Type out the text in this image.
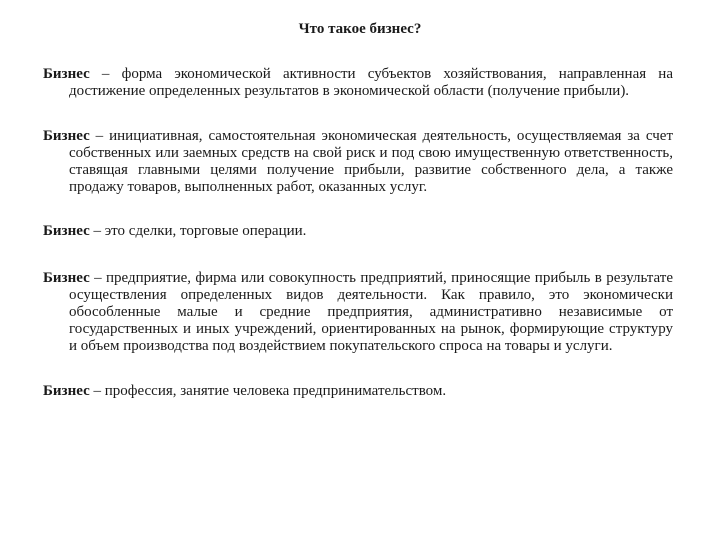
Что такое бизнес?

Бизнес – форма экономической активности субъектов хозяйствования, направленная на достижение определенных результатов в экономической области (получение прибыли).

Бизнес – инициативная, самостоятельная экономическая деятельность, осуществляемая за счет собственных или заемных средств на свой риск и под свою имущественную ответственность, ставящая главными целями получение прибыли, развитие собственного дела, а также продажу товаров, выполненных работ, оказанных услуг.

Бизнес – это сделки, торговые операции.

Бизнес – предприятие, фирма или совокупность предприятий, приносящие прибыль в результате осуществления определенных видов деятельности. Как правило, это экономически обособленные малые и средние предприятия, административно независимые от государственных и иных учреждений, ориентированных на рынок, формирующие структуру и объем производства под воздействием покупательского спроса на товары и услуги.

Бизнес – профессия, занятие человека предпринимательством.
